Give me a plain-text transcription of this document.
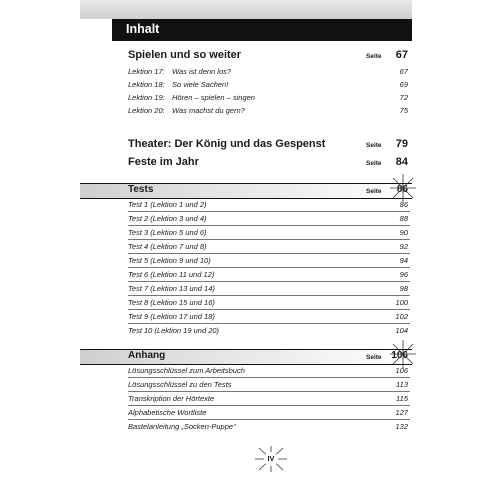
Inhalt
Spielen und so weiter	Seite 67
Lektion 17: Was ist denn los?	67
Lektion 18: So viele Sachen!	69
Lektion 19: Hören – spielen – singen	72
Lektion 20: Was machst du gern?	75
Theater: Der König und das Gespenst	Seite 79
Feste im Jahr	Seite 84
Tests	Seite 86
Test 1 (Lektion 1 und 2)	86
Test 2 (Lektion 3 und 4)	88
Test 3 (Lektion 5 und 6)	90
Test 4 (Lektion 7 und 8)	92
Test 5 (Lektion 9 und 10)	94
Test 6 (Lektion 11 und 12)	96
Test 7 (Lektion 13 und 14)	98
Test 8 (Lektion 15 und 16)	100
Test 9 (Lektion 17 und 18)	102
Test 10 (Lektion 19 und 20)	104
Anhang	Seite 106
Lösungsschlüssel zum Arbeitsbuch	106
Lösungsschlüssel zu den Tests	113
Transkription der Hörtexte	115
Alphabetische Wortliste	127
Bastelanleitung „Socken-Puppe“	132
IV
